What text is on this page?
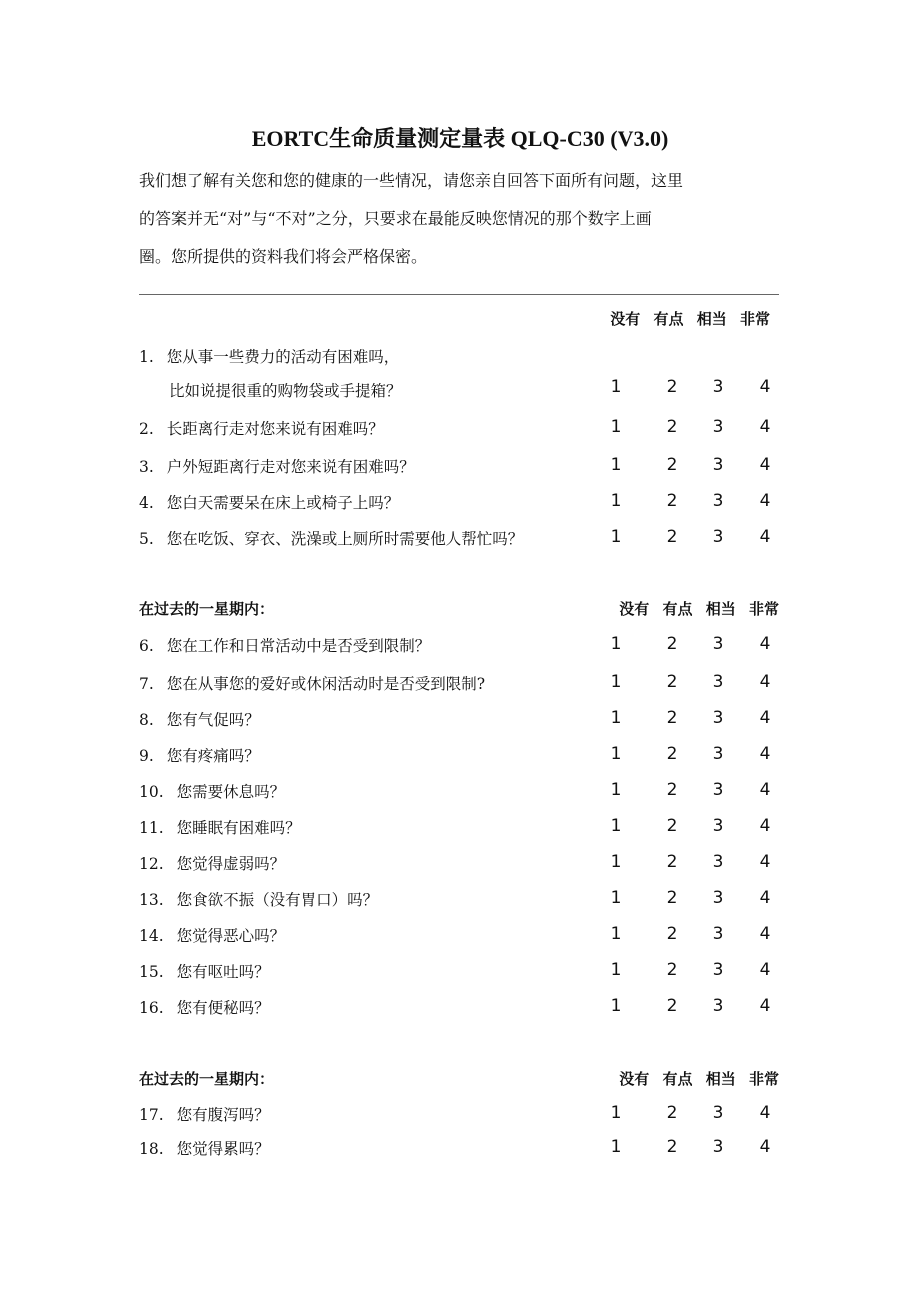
EORTC生命质量测定量表 QLQ-C30 (V3.0)

我们想了解有关您和您的健康的一些情况，请您亲自回答下面所有问题，这里

的答案并无“对”与“不对”之分，只要求在最能反映您情况的那个数字上画

圈。您所提供的资料我们将会严格保密。

没有 有点 相当 非常
1. 您从事一些费力的活动有困难吗，
比如说提很重的购物袋或手提箱？	1	2 3 4
2. 长距离行走对您来说有困难吗？	1	2 3 4
3. 户外短距离行走对您来说有困难吗？	1	2 3 4
4. 您白天需要呆在床上或椅子上吗？	1	2 3 4
5. 您在吃饭、穿衣、洗澡或上厕所时需要他人帮忙吗？	1	2 3 4
在过去的一星期内：	没有 有点 相当 非常
6. 您在工作和日常活动中是否受到限制？	1	2 3 4
7. 您在从事您的爱好或休闲活动时是否受到限制?	1	2 3 4
8. 您有气促吗？	1	2 3 4
9. 您有疼痛吗？	1	2 3 4
10. 您需要休息吗？	1	2 3 4
11. 您睡眠有困难吗？	1	2 3 4
12. 您觉得虚弱吗？	1	2 3 4
13. 您食欲不振（没有胃口）吗？	1	2 3 4
14. 您觉得恶心吗？	1	2 3 4
15. 您有呕吐吗？	1	2 3 4
16. 您有便秘吗？	1	2 3 4
在过去的一星期内：	没有 有点 相当 非常
17. 您有腹泻吗？	1	2 3 4
18. 您觉得累吗？	1	2 3 4
